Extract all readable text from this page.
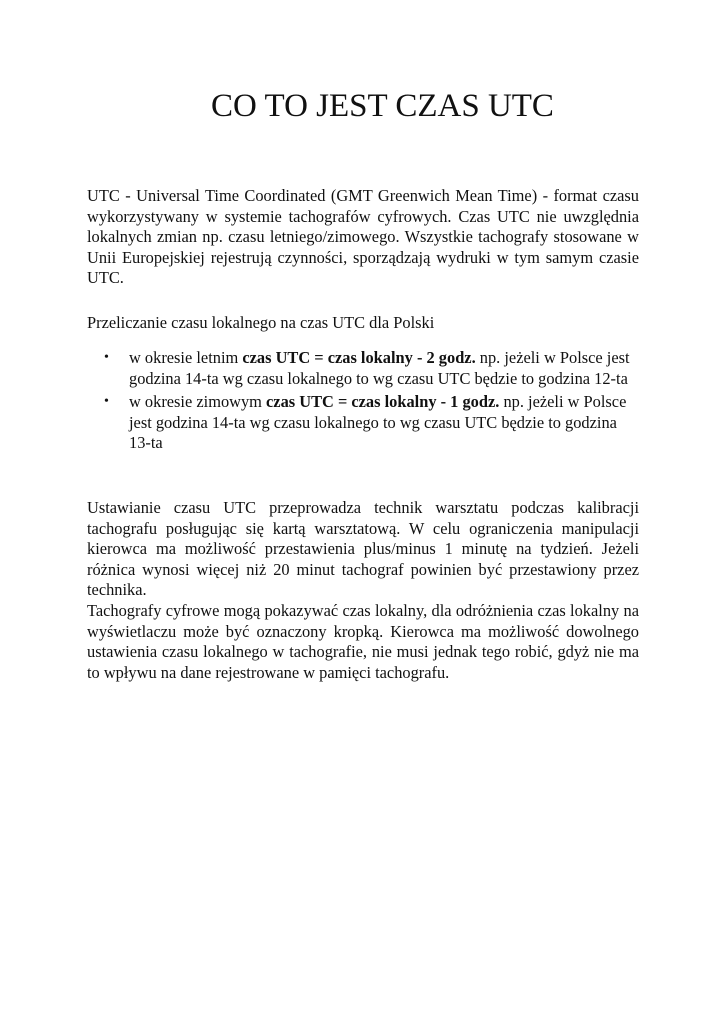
CO TO JEST CZAS UTC

UTC - Universal Time Coordinated (GMT Greenwich Mean Time) - format czasu wykorzystywany w systemie tachografów cyfrowych. Czas UTC nie uwzględnia lokalnych zmian np. czasu letniego/zimowego. Wszystkie tachografy stosowane w Unii Europejskiej rejestrują czynności, sporządzają wydruki w tym samym czasie UTC.

Przeliczanie czasu lokalnego na czas UTC dla Polski

• w okresie letnim czas UTC = czas lokalny - 2 godz. np. jeżeli w Polsce jest godzina 14-ta wg czasu lokalnego to wg czasu UTC będzie to godzina 12-ta
• w okresie zimowym czas UTC = czas lokalny - 1 godz. np. jeżeli w Polsce jest godzina 14-ta wg czasu lokalnego to wg czasu UTC będzie to godzina 13-ta

Ustawianie czasu UTC przeprowadza technik warsztatu podczas kalibracji tachografu posługując się kartą warsztatową. W celu ograniczenia manipulacji kierowca ma możliwość przestawienia plus/minus 1 minutę na tydzień. Jeżeli różnica wynosi więcej niż 20 minut tachograf powinien być przestawiony przez technika.

Tachografy cyfrowe mogą pokazywać czas lokalny, dla odróżnienia czas lokalny na wyświetlaczu może być oznaczony kropką. Kierowca ma możliwość dowolnego ustawienia czasu lokalnego w tachografie, nie musi jednak tego robić, gdyż nie ma to wpływu na dane rejestrowane w pamięci tachografu.
